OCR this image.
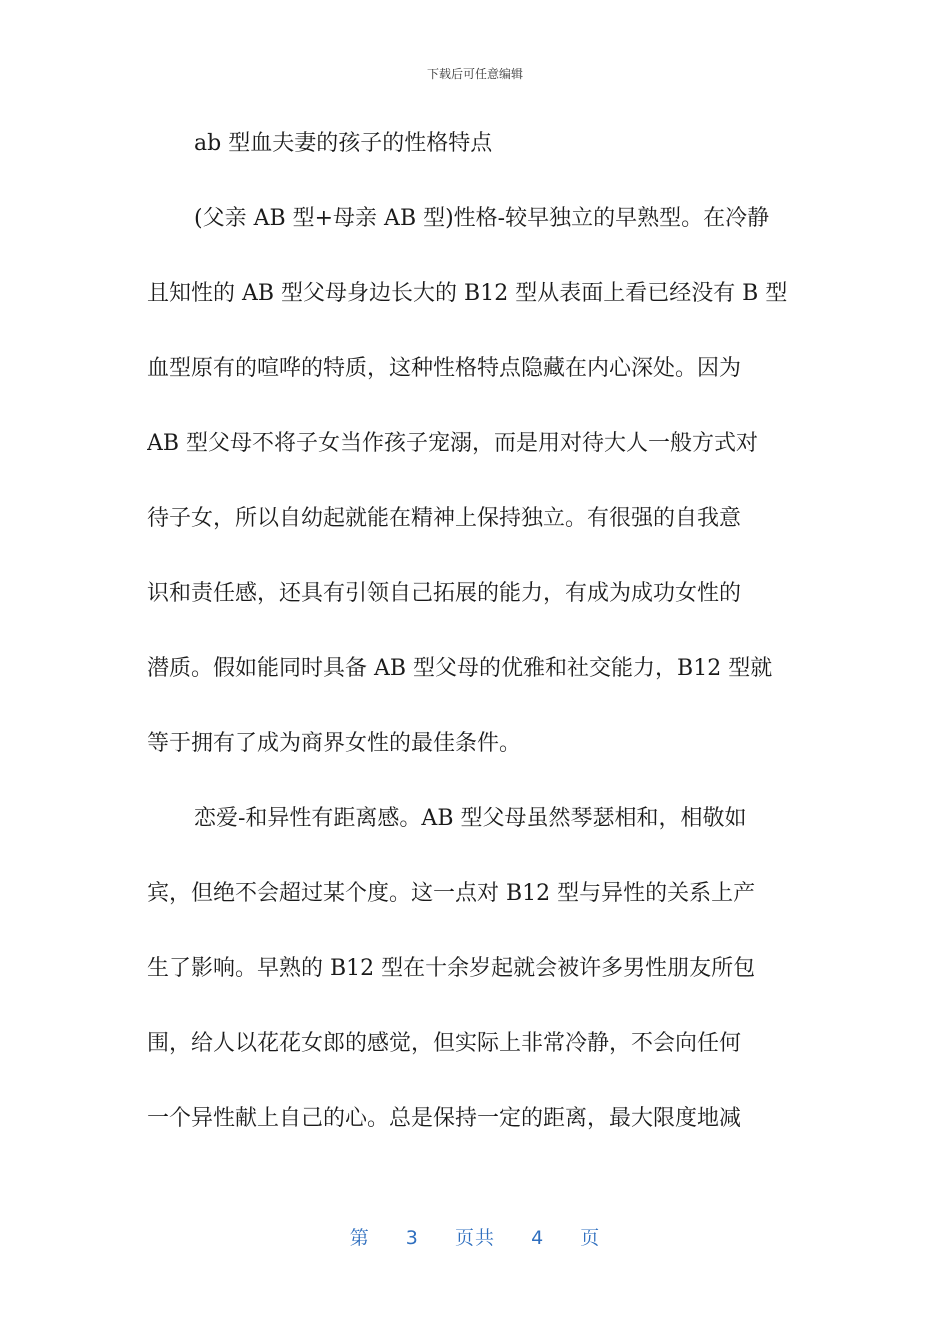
下载后可任意编辑
ab 型血夫妻的孩子的性格特点
(父亲 AB 型+母亲 AB 型)性格-较早独立的早熟型。在冷静
且知性的 AB 型父母身边长大的 B12 型从表面上看已经没有 B 型
血型原有的喧哗的特质，这种性格特点隐藏在内心深处。因为
AB 型父母不将子女当作孩子宠溺，而是用对待大人一般方式对
待子女，所以自幼起就能在精神上保持独立。有很强的自我意
识和责任感，还具有引领自己拓展的能力，有成为成功女性的
潜质。假如能同时具备 AB 型父母的优雅和社交能力，B12 型就
等于拥有了成为商界女性的最佳条件。
恋爱-和异性有距离感。AB 型父母虽然琴瑟相和，相敬如
宾，但绝不会超过某个度。这一点对 B12 型与异性的关系上产
生了影响。早熟的 B12 型在十余岁起就会被许多男性朋友所包
围，给人以花花女郎的感觉，但实际上非常冷静，不会向任何
一个异性献上自己的心。总是保持一定的距离，最大限度地减
第 3 页共 4 页
